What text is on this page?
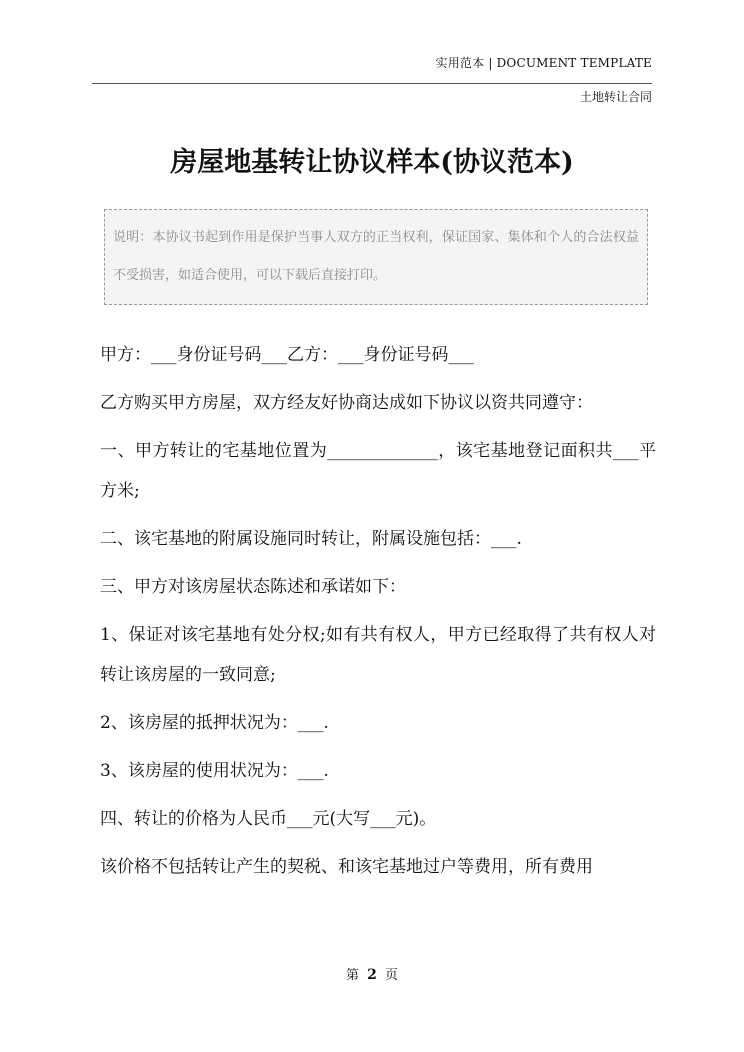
实用范本 | DOCUMENT TEMPLATE
土地转让合同
房屋地基转让协议样本(协议范本)
说明：本协议书起到作用是保护当事人双方的正当权利，保证国家、集体和个人的合法权益不受损害，如适合使用，可以下载后直接打印。

甲方：___身份证号码___乙方：___身份证号码___

乙方购买甲方房屋，双方经友好协商达成如下协议以资共同遵守：

一、甲方转让的宅基地位置为_____________，该宅基地登记面积共___平方米;

二、该宅基地的附属设施同时转让，附属设施包括：___.

三、甲方对该房屋状态陈述和承诺如下：

1、保证对该宅基地有处分权;如有共有权人，甲方已经取得了共有权人对转让该房屋的一致同意;

2、该房屋的抵押状况为：___.

3、该房屋的使用状况为：___.

四、转让的价格为人民币___元(大写___元)。

该价格不包括转让产生的契税、和该宅基地过户等费用，所有费用

第 2 页
